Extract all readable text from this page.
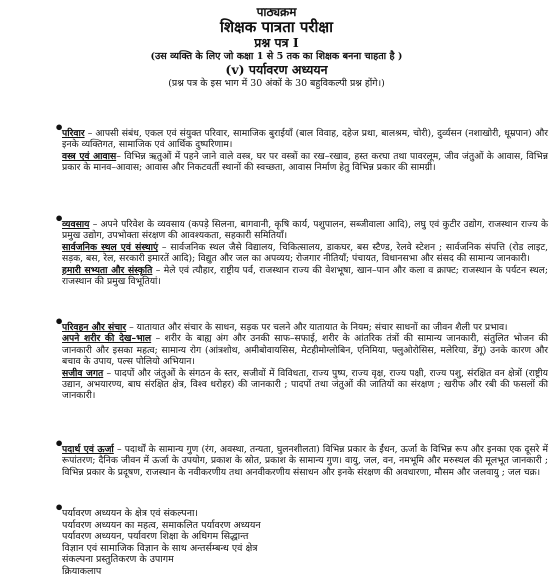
पाठ्यक्रम
शिक्षक पात्रता परीक्षा
प्रश्न पत्र I
(उस व्यक्ति के लिए जो कक्षा 1 से 5 तक का शिक्षक बनना चाहता है )
(v) पर्यावरण अध्ययन
(प्रश्न पत्र के इस भाग में 30 अंकों के 30 बहुविकल्पी प्रश्न होंगे।)
•
परिवार – आपसी संबंध, एकल एवं संयुक्त परिवार, सामाजिक बुराईयाँ (बाल विवाह, दहेज प्रथा, बालश्रम, चोरी), दुर्व्यसन (नशाखोरी, धूम्रपान) और इनके व्यक्तिगत, सामाजिक एवं आर्थिक दुष्परिणाम।
वस्त्र एवं आवास– विभिन्न ऋतुओं में पहने जाने वाले वस्त्र, घर पर वस्त्रों का रख–रखाव, हस्त करघा तथा पावरलूम, जीव जंतुओं के आवास, विभिन्न प्रकार के मानव–आवास; आवास और निकटवर्ती स्थानों की स्वच्छता, आवास निर्माण हेतु विभिन्न प्रकार की सामग्री।
•
व्यवसाय – अपने परिवेश के व्यवसाय (कपड़े सिलना, बागवानी, कृषि कार्य, पशुपालन, सब्जीवाला आदि), लघु एवं कुटीर उद्योग, राजस्थान राज्य के प्रमुख उद्योग, उपभोक्ता संरक्षण की आवश्यकता, सहकारी समितियाँ।
सार्वजनिक स्थल एवं संस्थाएं – सार्वजनिक स्थल जैसे विद्यालय, चिकित्सालय, डाकघर, बस स्टैण्ड, रेलवे स्टेशन ; सार्वजनिक संपत्ति (रोड लाइट, सड़क, बस, रेल, सरकारी इमारतें आदि); विद्युत और जल का अपव्यय; रोजगार नीतियाँ; पंचायत, विधानसभा और संसद की सामान्य जानकारी।
हमारी सभ्यता और संस्कृति – मेले एवं त्यौहार, राष्ट्रीय पर्व, राजस्थान राज्य की वेशभूषा, खान–पान और कला व क्राफ्ट; राजस्थान के पर्यटन स्थल; राजस्थान की प्रमुख विभूतियां।
•
परिवहन और संचार – यातायात और संचार के साधन, सड़क पर चलने और यातायात के नियम; संचार साधनों का जीवन शैली पर प्रभाव।
अपने शरीर की देख–भाल – शरीर के बाह्य अंग और उनकी साफ–सफाई, शरीर के आंतरिक तंत्रों की सामान्य जानकारी, संतुलित भोजन की जानकारी और इसका महत्व; सामान्य रोग (आंत्रशोथ, अमीबोवायसिस, मेटहीमोग्लोबिन, एनिमिया, फ्लुओरोसिस, मलेरिया, डेंगू) उनके कारण और बचाव के उपाय, पल्स पोलियो अभियान।
सजीव जगत – पादपों और जंतुओं के संगठन के स्तर, सजीवों में विविधता, राज्य पुष्प, राज्य वृक्ष, राज्य पक्षी, राज्य पशु, संरक्षित वन क्षेत्रों (राष्ट्रीय उद्यान, अभयारण्य, बाघ संरक्षित क्षेत्र, विश्व धरोहर) की जानकारी ; पादपों तथा जंतुओं की जातियों का संरक्षण ; खरीफ और रबी की फसलों की जानकारी।
•
पदार्थ एवं ऊर्जा – पदार्थों के सामान्य गुण (रंग, अवस्था, तन्यता, घुलनशीलता) विभिन्न प्रकार के ईंधन, ऊर्जा के विभिन्न रूप और इनका एक दूसरे में रूपांतरण; दैनिक जीवन में ऊर्जा के उपयोग, प्रकाश के स्रोत, प्रकाश के सामान्य गुण। वायु, जल, वन, नमभूमि और मरुस्थल की मूलभूत जानकारी ; विभिन्न प्रकार के प्रदूषण, राजस्थान के नवीकरणीय तथा अनवीकरणीय संसाधन और इनके संरक्षण की अवधारणा, मौसम और जलवायु ; जल चक्र।
•
पर्यावरण अध्ययन के क्षेत्र एवं संकल्पना।
पर्यावरण अध्ययन का महत्व, समाकलित पर्यावरण अध्ययन
पर्यावरण अध्ययन, पर्यावरण शिक्षा के अधिगम सिद्धान्त
विज्ञान एवं सामाजिक विज्ञान के साथ अन्तर्सम्बन्ध एवं क्षेत्र
संकल्पना प्रस्तुतिकरण के उपागम
क्रियाकलाप
